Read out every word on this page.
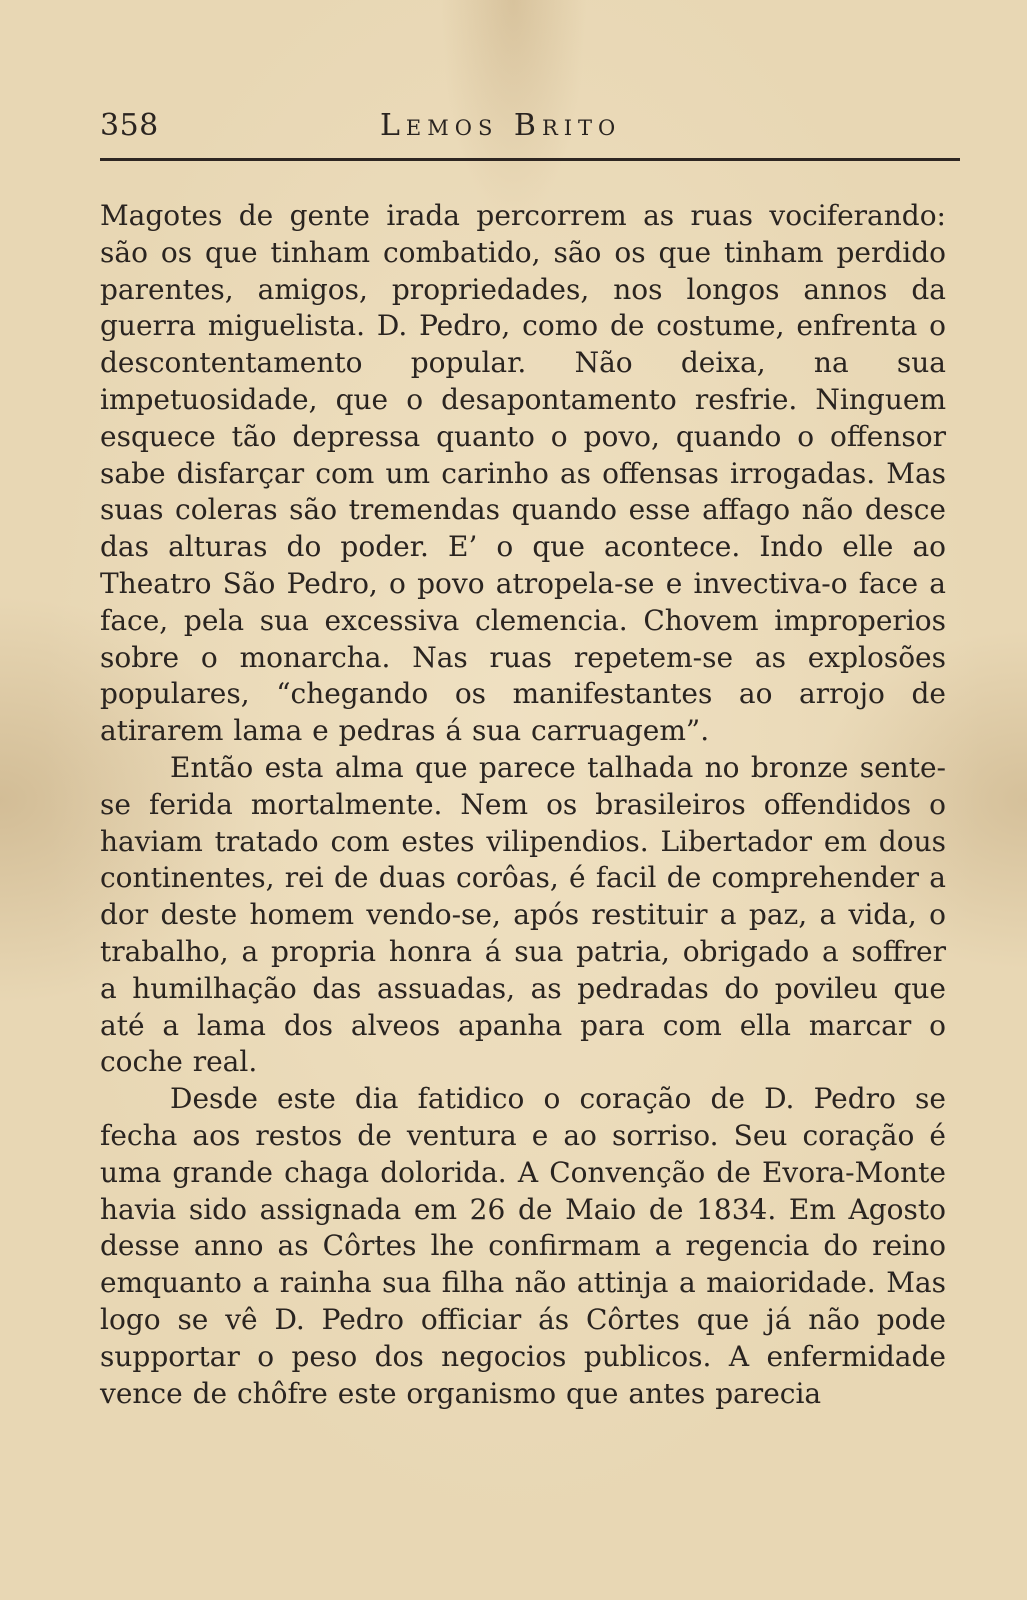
358	Lemos Brito

Magotes de gente irada percorrem as ruas vociferando: são os que tinham combatido, são os que tinham perdido parentes, amigos, propriedades, nos longos annos da guerra miguelista. D. Pedro, como de costume, enfrenta o descontentamento popular. Não deixa, na sua impetuosidade, que o desapontamento resfrie. Ninguem esquece tão depressa quanto o povo, quando o offensor sabe disfarçar com um carinho as offensas irrogadas. Mas suas coleras são tremendas quando esse affago não desce das alturas do poder. E’ o que acontece. Indo elle ao Theatro São Pedro, o povo atropela-se e invectiva-o face a face, pela sua excessiva clemencia. Chovem improperios sobre o monarcha. Nas ruas repetem-se as explosões populares, “chegando os manifestantes ao arrojo de atirarem lama e pedras á sua carruagem”.

Então esta alma que parece talhada no bronze sente-se ferida mortalmente. Nem os brasileiros offendidos o haviam tratado com estes vilipendios. Libertador em dous continentes, rei de duas corôas, é facil de comprehender a dor deste homem vendo-se, após restituir a paz, a vida, o trabalho, a propria honra á sua patria, obrigado a soffrer a humilhação das assuadas, as pedradas do povileu que até a lama dos alveos apanha para com ella marcar o coche real.

Desde este dia fatidico o coração de D. Pedro se fecha aos restos de ventura e ao sorriso. Seu coração é uma grande chaga dolorida. A Convenção de Evora-Monte havia sido assignada em 26 de Maio de 1834. Em Agosto desse anno as Côrtes lhe confirmam a regencia do reino emquanto a rainha sua filha não attinja a maioridade. Mas logo se vê D. Pedro officiar ás Côrtes que já não pode supportar o peso dos negocios publicos. A enfermidade vence de chôfre este organismo que antes parecia
